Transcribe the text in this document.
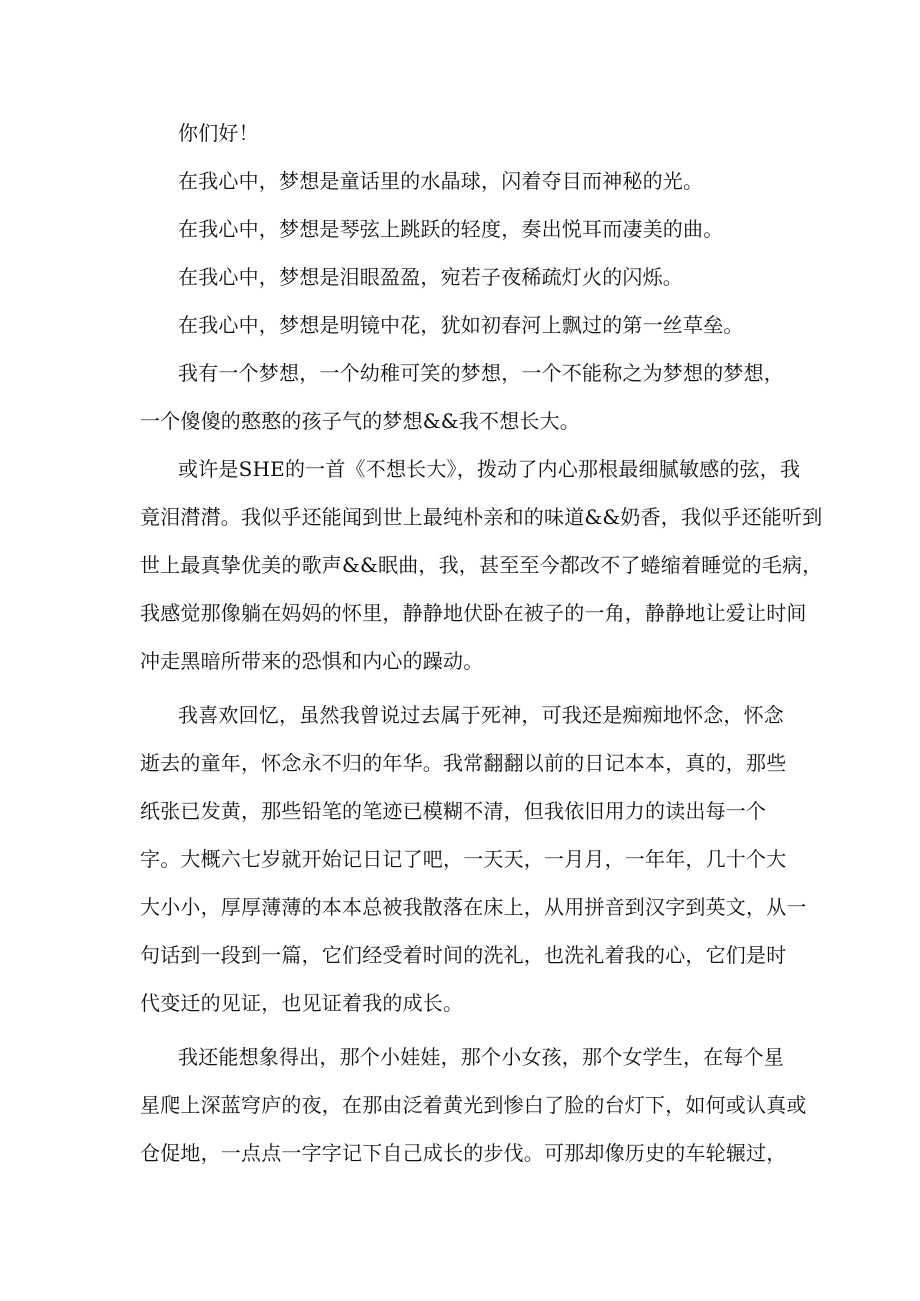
你们好！
在我心中，梦想是童话里的水晶球，闪着夺目而神秘的光。
在我心中，梦想是琴弦上跳跃的轻度，奏出悦耳而凄美的曲。
在我心中，梦想是泪眼盈盈，宛若子夜稀疏灯火的闪烁。
在我心中，梦想是明镜中花，犹如初春河上飘过的第一丝草垒。
我有一个梦想，一个幼稚可笑的梦想，一个不能称之为梦想的梦想，
一个傻傻的憨憨的孩子气的梦想&&我不想长大。
或许是SHE的一首《不想长大》，拨动了内心那根最细腻敏感的弦，我
竟泪潸潸。我似乎还能闻到世上最纯朴亲和的味道&&奶香，我似乎还能听到
世上最真挚优美的歌声&&眠曲，我，甚至至今都改不了蜷缩着睡觉的毛病，
我感觉那像躺在妈妈的怀里，静静地伏卧在被子的一角，静静地让爱让时间
冲走黑暗所带来的恐惧和内心的躁动。
我喜欢回忆，虽然我曾说过去属于死神，可我还是痴痴地怀念，怀念
逝去的童年，怀念永不归的年华。我常翻翻以前的日记本本，真的，那些
纸张已发黄，那些铅笔的笔迹已模糊不清，但我依旧用力的读出每一个
字。大概六七岁就开始记日记了吧，一天天，一月月，一年年，几十个大
大小小，厚厚薄薄的本本总被我散落在床上，从用拼音到汉字到英文，从一
句话到一段到一篇，它们经受着时间的洗礼，也洗礼着我的心，它们是时
代变迁的见证，也见证着我的成长。
我还能想象得出，那个小娃娃，那个小女孩，那个女学生，在每个星
星爬上深蓝穹庐的夜，在那由泛着黄光到惨白了脸的台灯下，如何或认真或
仓促地，一点点一字字记下自己成长的步伐。可那却像历史的车轮辗过，
